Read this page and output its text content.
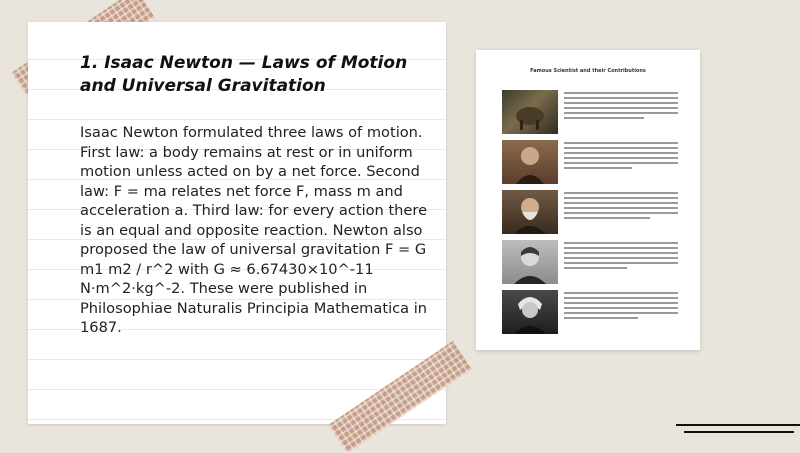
1. Isaac Newton — Laws of Motion and Universal Gravitation

Isaac Newton formulated three laws of motion. First law: a body remains at rest or in uniform motion unless acted on by a net force. Second law: F = ma relates net force F, mass m and acceleration a. Third law: for every action there is an equal and opposite reaction. Newton also proposed the law of universal gravitation F = G m1 m2 / r^2 with G ≈ 6.67430×10^-11 N·m^2·kg^-2. These were published in Philosophiae Naturalis Principia Mathematica in 1687.

Famous Scientist and their Contributions
